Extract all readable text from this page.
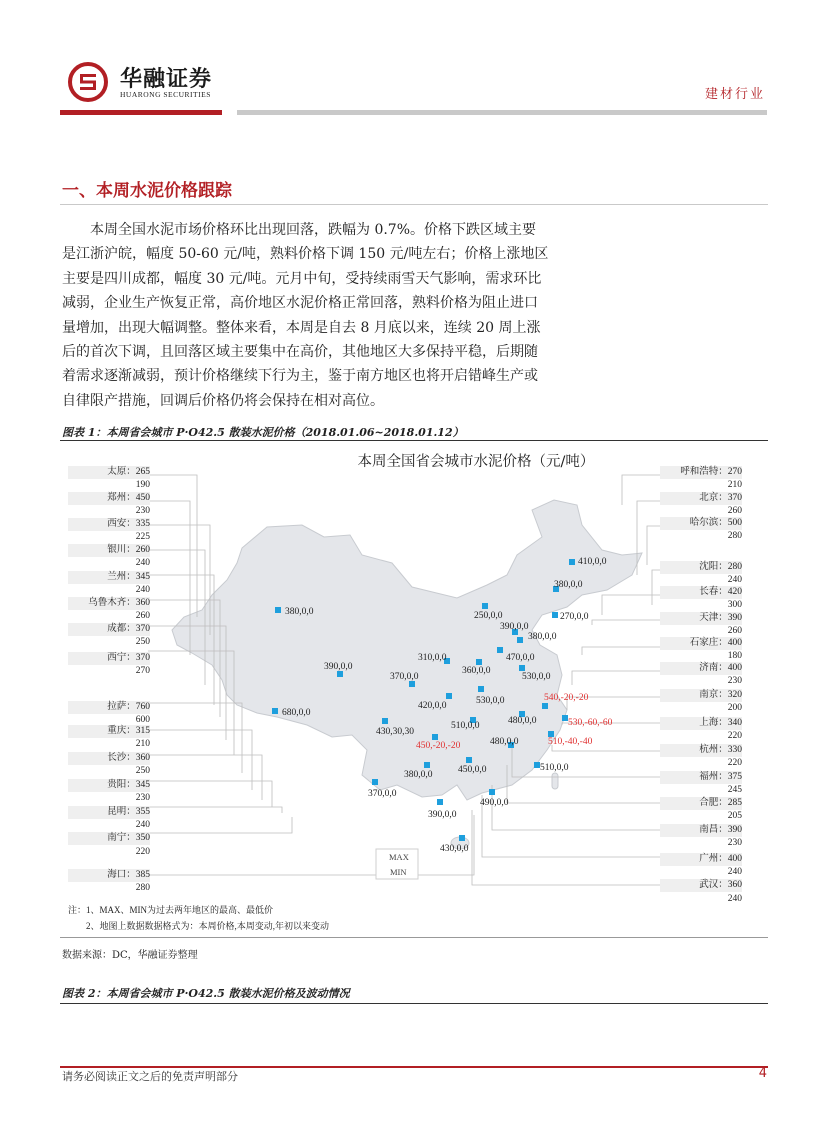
华融证券
HUARONG SECURITIES	建材行业
一、本周水泥价格跟踪
本周全国水泥市场价格环比出现回落，跌幅为 0.7%。价格下跌区域主要
是江浙沪皖，幅度 50-60 元/吨，熟料价格下调 150 元/吨左右；价格上涨地区
主要是四川成都，幅度 30 元/吨。元月中旬，受持续雨雪天气影响，需求环比
减弱，企业生产恢复正常，高价地区水泥价格正常回落，熟料价格为阻止进口
量增加，出现大幅调整。整体来看，本周是自去 8 月底以来，连续 20 周上涨
后的首次下调，且回落区域主要集中在高价，其他地区大多保持平稳，后期随
着需求逐渐减弱，预计价格继续下行为主，鉴于南方地区也将开启错峰生产或
自律限产措施，回调后价格仍将会保持在相对高位。
图表 1：本周省会城市 P·O42.5 散装水泥价格（2018.01.06~2018.01.12）
本周全国省会城市水泥价格（元/吨）
410,0,0
380,0,0
270,0,0
380,0,0	250,0,0
390,0,0
380,0,0
310,0,0	470,0,0
390,0,0	360,0,0
370,0,0	530,0,0
540,-20,-20
530,0,0
420,0,0
680,0,0
510,0,0	480,0,0	530,-60,-60
430,30,30
450,-20,-20	480,0,0	510,-40,-40
380,0,0	450,0,0	510,0,0
370,0,0
490,0,0
390,0,0
430,0,0
MAX
MIN
太原：265
190
郑州：450
230
西安：335
225
银川：260
240
兰州：345
240
乌鲁木齐：360
260
成都：370
250
西宁：370
270
拉萨：760
600
重庆：315
210
长沙：360
250
贵阳：345
230
昆明：355
240
南宁：350
220
海口：385
280
呼和浩特：270
210
北京：370
260
哈尔滨：500
280
沈阳：280
240
长春：420
300
天津：390
260
石家庄：400
180
济南：400
230
南京：320
200
上海：340
220
杭州：330
220
福州：375
245
合肥：285
205
南昌：390
230
广州：400
240
武汉：360
240
注：1、MAX、MIN为过去两年地区的最高、最低价
2、地图上数据数据格式为：本周价格,本周变动,年初以来变动
数据来源：DC，华融证券整理
图表 2：本周省会城市 P·O42.5 散装水泥价格及波动情况
请务必阅读正文之后的免责声明部分	4
